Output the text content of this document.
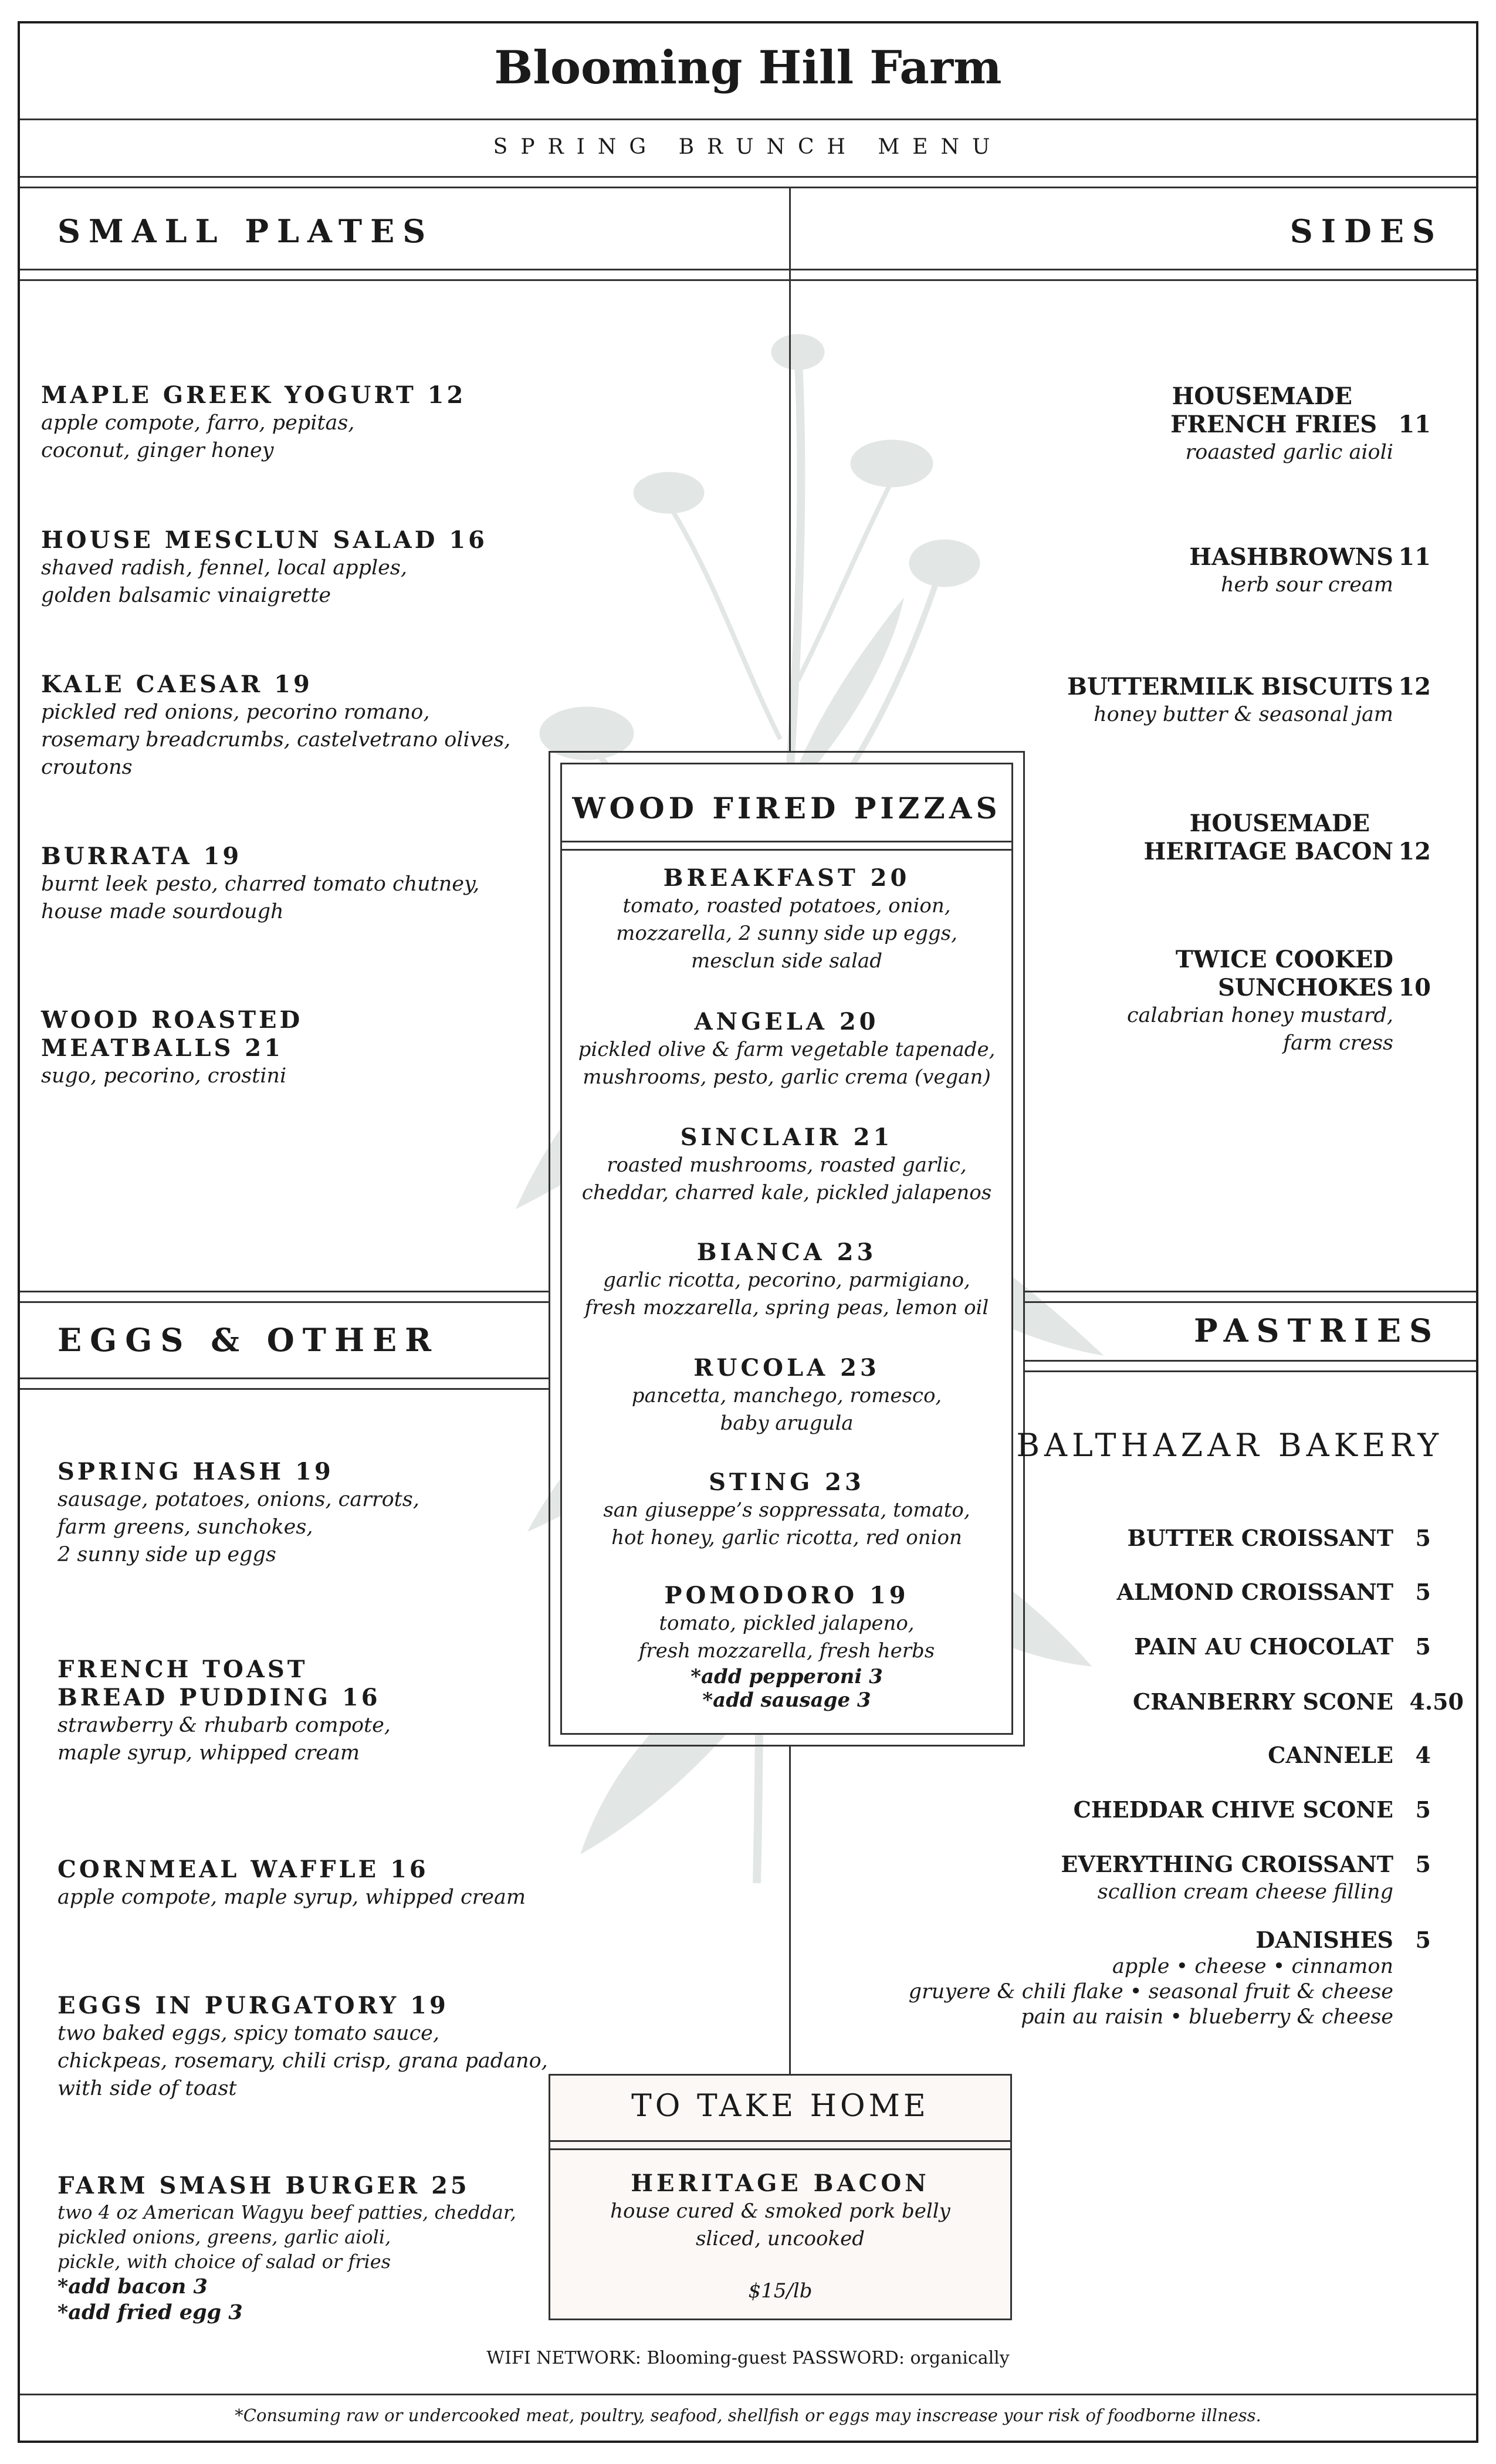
Blooming Hill Farm
SPRING BRUNCH MENU
SMALL PLATES	SIDES
MAPLE GREEK YOGURT 12
apple compote, farro, pepitas,
coconut, ginger honey
HOUSE MESCLUN SALAD 16
shaved radish, fennel, local apples,
golden balsamic vinaigrette
KALE CAESAR 19
pickled red onions, pecorino romano,
rosemary breadcrumbs, castelvetrano olives,
croutons
BURRATA 19
burnt leek pesto, charred tomato chutney,
house made sourdough
WOOD ROASTED
MEATBALLS 21
sugo, pecorino, crostini
HOUSEMADE
FRENCH FRIES 11
roaasted garlic aioli
HASHBROWNS 11
herb sour cream
BUTTERMILK BISCUITS 12
honey butter & seasonal jam
HOUSEMADE
HERITAGE BACON 12
TWICE COOKED
SUNCHOKES 10
calabrian honey mustard,
farm cress
EGGS & OTHER	PASTRIES
WOOD FIRED PIZZAS
BREAKFAST 20
tomato, roasted potatoes, onion,
mozzarella, 2 sunny side up eggs,
mesclun side salad
ANGELA 20
pickled olive & farm vegetable tapenade,
mushrooms, pesto, garlic crema (vegan)
SINCLAIR 21
roasted mushrooms, roasted garlic,
cheddar, charred kale, pickled jalapenos
BIANCA 23
garlic ricotta, pecorino, parmigiano,
fresh mozzarella, spring peas, lemon oil
RUCOLA 23
pancetta, manchego, romesco,
baby arugula
STING 23
san giuseppe’s soppressata, tomato,
hot honey, garlic ricotta, red onion
POMODORO 19
tomato, pickled jalapeno,
fresh mozzarella, fresh herbs
*add pepperoni 3
*add sausage 3
SPRING HASH 19
sausage, potatoes, onions, carrots,
farm greens, sunchokes,
2 sunny side up eggs
FRENCH TOAST
BREAD PUDDING 16
strawberry & rhubarb compote,
maple syrup, whipped cream
CORNMEAL WAFFLE 16
apple compote, maple syrup, whipped cream
EGGS IN PURGATORY 19
two baked eggs, spicy tomato sauce,
chickpeas, rosemary, chili crisp, grana padano,
with side of toast
FARM SMASH BURGER 25
two 4 oz American Wagyu beef patties, cheddar,
pickled onions, greens, garlic aioli,
pickle, with choice of salad or fries
*add bacon 3
*add fried egg 3
BALTHAZAR BAKERY
BUTTER CROISSANT 5
ALMOND CROISSANT 5
PAIN AU CHOCOLAT 5
CRANBERRY SCONE 4.50
CANNELE 4
CHEDDAR CHIVE SCONE 5
EVERYTHING CROISSANT 5
scallion cream cheese filling
DANISHES 5
apple • cheese • cinnamon
gruyere & chili flake • seasonal fruit & cheese
pain au raisin • blueberry & cheese
TO TAKE HOME
HERITAGE BACON
house cured & smoked pork belly
sliced, uncooked
$15/lb
WIFI NETWORK: Blooming-guest PASSWORD: organically
*Consuming raw or undercooked meat, poultry, seafood, shellfish or eggs may inscrease your risk of foodborne illness.
